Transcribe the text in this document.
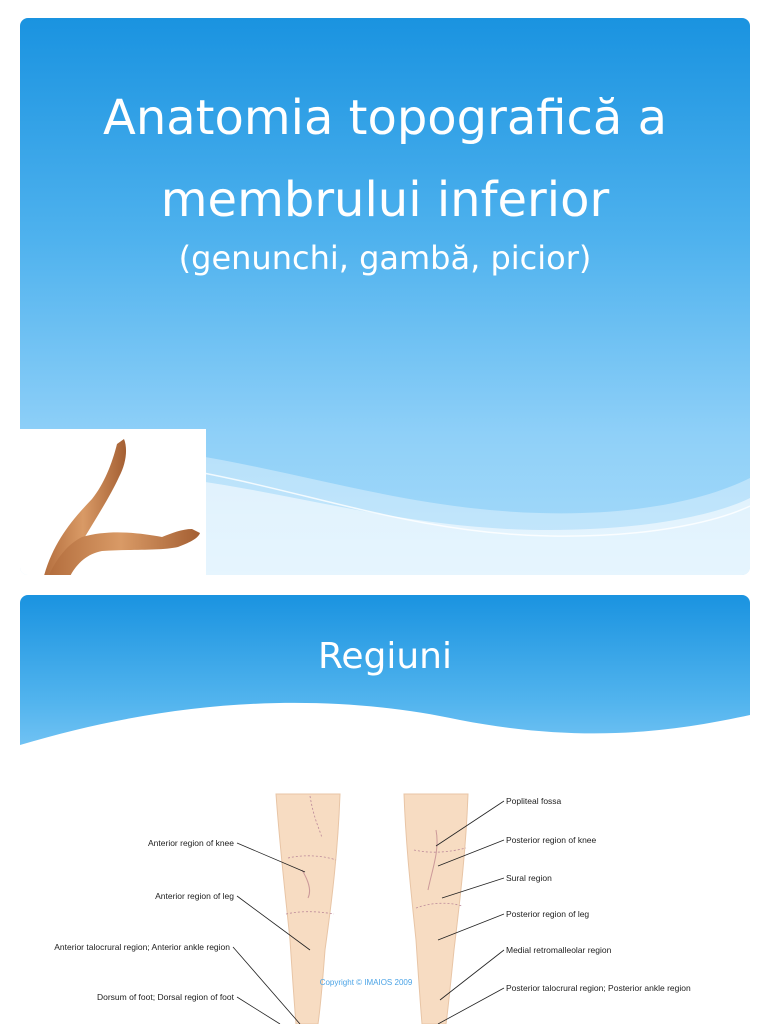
Anatomia topografică a
membrului inferior
(genunchi, gambă, picior)
Regiuni
Anterior region of knee
Anterior region of leg
Anterior talocrural region; Anterior ankle region
Dorsum of foot; Dorsal region of foot
Popliteal fossa
Posterior region of knee
Sural region
Posterior region of leg
Medial retromalleolar region
Posterior talocrural region; Posterior ankle region
Copyright © IMAIOS 2009
